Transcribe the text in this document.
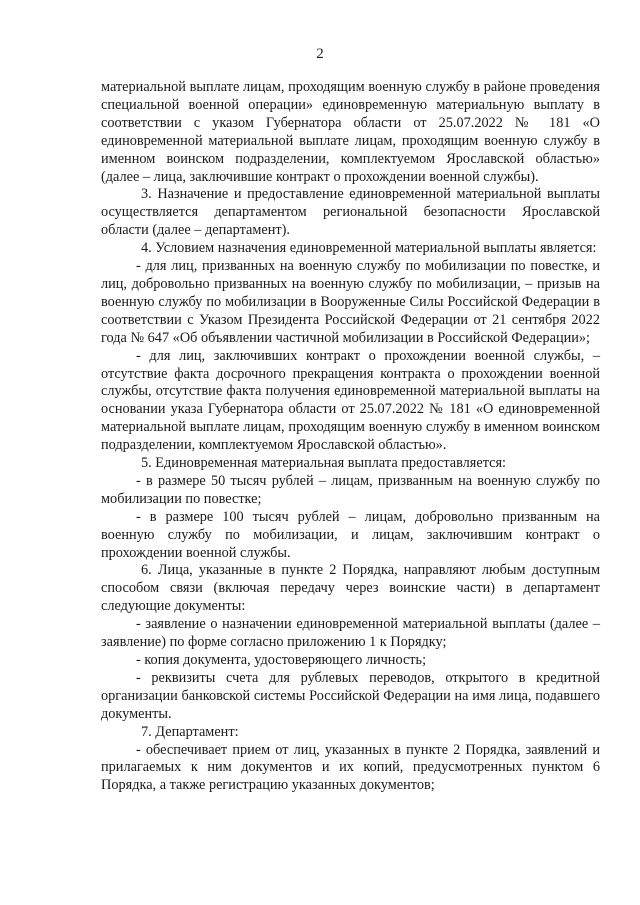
2

материальной выплате лицам, проходящим военную службу в районе проведения специальной военной операции» единовременную материальную выплату в соответствии с указом Губернатора области от 25.07.2022 № 181 «О единовременной материальной выплате лицам, проходящим военную службу в именном воинском подразделении, комплектуемом Ярославской областью» (далее – лица, заключившие контракт о прохождении военной службы).

3. Назначение и предоставление единовременной материальной выплаты осуществляется департаментом региональной безопасности Ярославской области (далее – департамент).

4. Условием назначения единовременной материальной выплаты является:

- для лиц, призванных на военную службу по мобилизации по повестке, и лиц, добровольно призванных на военную службу по мобилизации, – призыв на военную службу по мобилизации в Вооруженные Силы Российской Федерации в соответствии с Указом Президента Российской Федерации от 21 сентября 2022 года № 647 «Об объявлении частичной мобилизации в Российской Федерации»;

- для лиц, заключивших контракт о прохождении военной службы, – отсутствие факта досрочного прекращения контракта о прохождении военной службы, отсутствие факта получения единовременной материальной выплаты на основании указа Губернатора области от 25.07.2022 № 181 «О единовременной материальной выплате лицам, проходящим военную службу в именном воинском подразделении, комплектуемом Ярославской областью».

5. Единовременная материальная выплата предоставляется:

- в размере 50 тысяч рублей – лицам, призванным на военную службу по мобилизации по повестке;

- в размере 100 тысяч рублей – лицам, добровольно призванным на военную службу по мобилизации, и лицам, заключившим контракт о прохождении военной службы.

6. Лица, указанные в пункте 2 Порядка, направляют любым доступным способом связи (включая передачу через воинские части) в департамент следующие документы:

- заявление о назначении единовременной материальной выплаты (далее – заявление) по форме согласно приложению 1 к Порядку;

- копия документа, удостоверяющего личность;

- реквизиты счета для рублевых переводов, открытого в кредитной организации банковской системы Российской Федерации на имя лица, подавшего документы.

7. Департамент:

- обеспечивает прием от лиц, указанных в пункте 2 Порядка, заявлений и прилагаемых к ним документов и их копий, предусмотренных пунктом 6 Порядка, а также регистрацию указанных документов;
